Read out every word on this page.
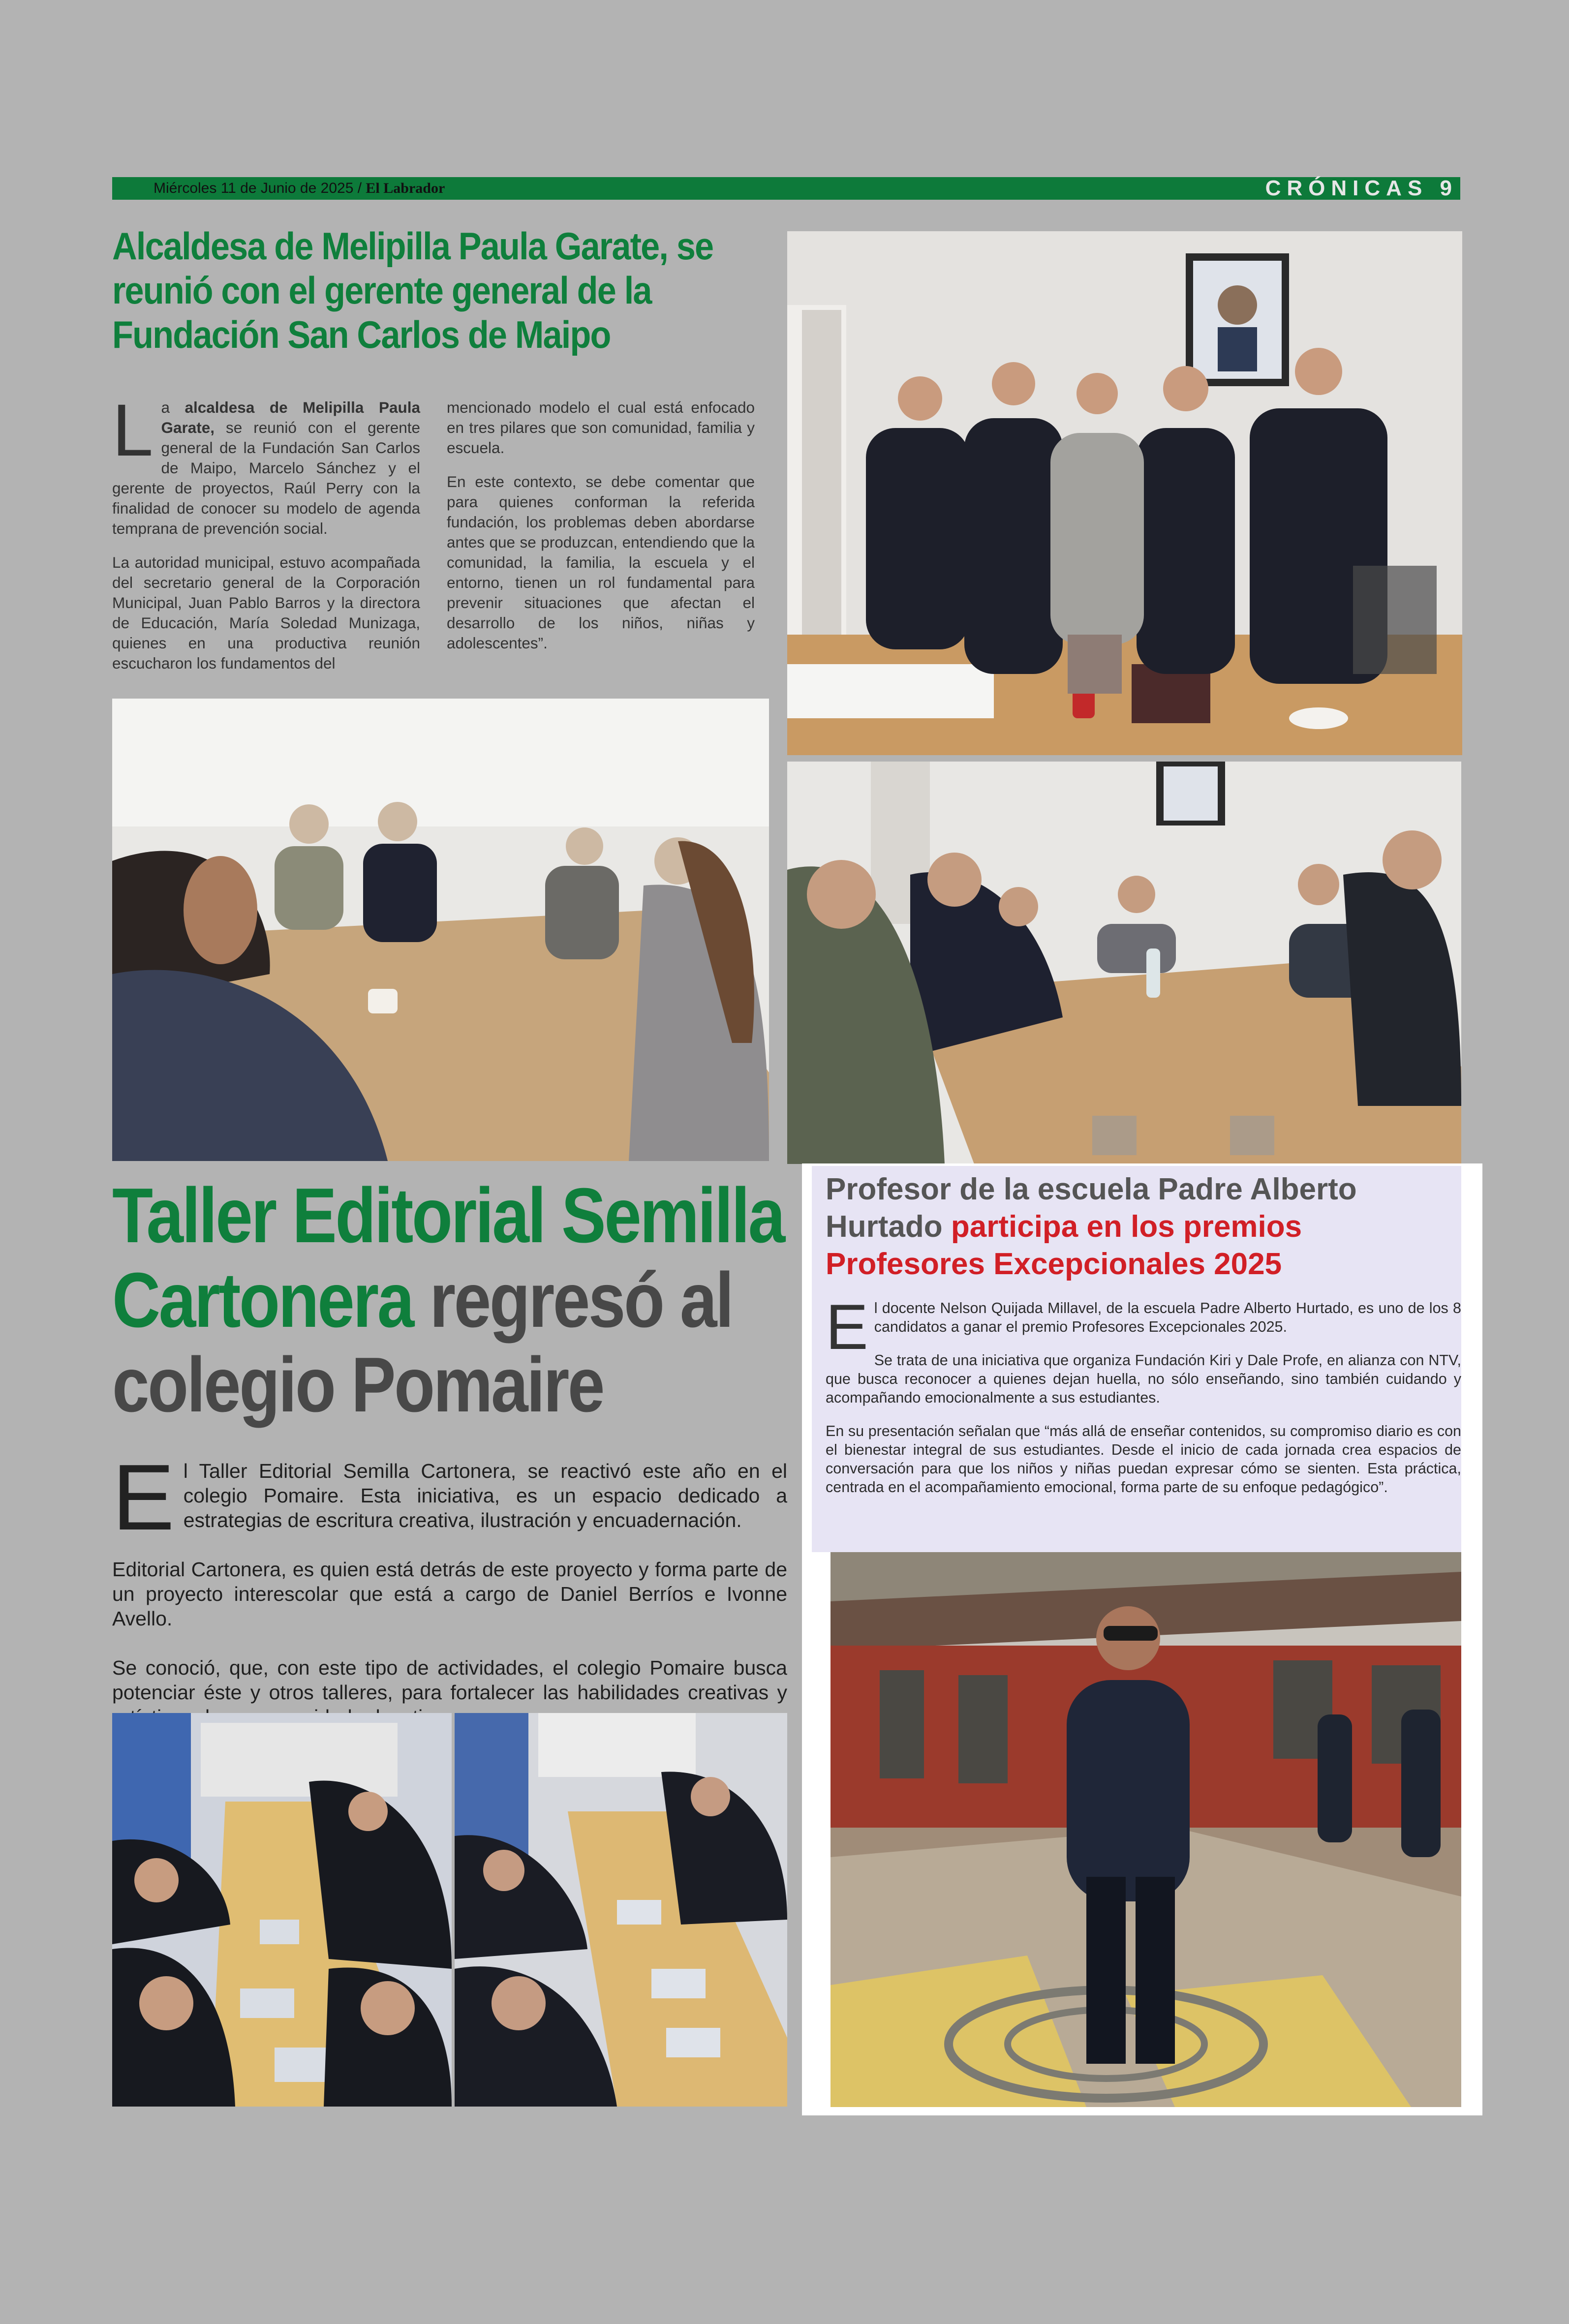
Miércoles 11 de Junio de 2025 / El Labrador	CRÓNICAS 9
Alcaldesa de Melipilla Paula Garate, se reunió con el gerente general de la Fundación San Carlos de Maipo

La alcaldesa de Melipilla Paula Garate, se reunió con el gerente general de la Fundación San Carlos de Maipo, Marcelo Sánchez y el gerente de proyectos, Raúl Perry con la finalidad de conocer su modelo de agenda temprana de prevención social.

La autoridad municipal, estuvo acompañada del secretario general de la Corporación Municipal, Juan Pablo Barros y la directora de Educación, María Soledad Munizaga, quienes en una productiva reunión escucharon los fundamentos del

mencionado modelo el cual está enfocado en tres pilares que son comunidad, familia y escuela.

En este contexto, se debe comentar que para quienes conforman la referida fundación, los problemas deben abordarse antes que se produzcan, entendiendo que la comunidad, la familia, la escuela y el entorno, tienen un rol fundamental para prevenir situaciones que afectan el desarrollo de los niños, niñas y adolescentes”.

Taller Editorial Semilla Cartonera regresó al colegio Pomaire

El Taller Editorial Semilla Cartonera, se reactivó este año en el colegio Pomaire. Esta iniciativa, es un espacio dedicado a estrategias de escritura creativa, ilustración y encuadernación.

Editorial Cartonera, es quien está detrás de este proyecto y forma parte de un proyecto interescolar que está a cargo de Daniel Berríos e Ivonne Avello.

Se conoció, que, con este tipo de actividades, el colegio Pomaire busca potenciar éste y otros talleres, para fortalecer las habilidades creativas y

Profesor de la escuela Padre Alberto Hurtado participa en los premios Profesores Excepcionales 2025

El docente Nelson Quijada Millavel, de la escuela Padre Alberto Hurtado, es uno de los 8 candidatos a ganar el premio Profesores Excepcionales 2025.

Se trata de una iniciativa que organiza Fundación Kiri y Dale Profe, en alianza con NTV, que busca reconocer a quienes dejan huella, no sólo enseñando, sino también cuidando y acompañando emocionalmente a sus estudiantes.

En su presentación señalan que “más allá de enseñar contenidos, su compromiso diario es con el bienestar integral de sus estudiantes. Desde el inicio de cada jornada crea espacios de conversación para que los niños y niñas puedan expresar cómo se sienten. Esta práctica, centrada en el acompañamiento emocional, forma parte de su enfoque pedagógico”.
